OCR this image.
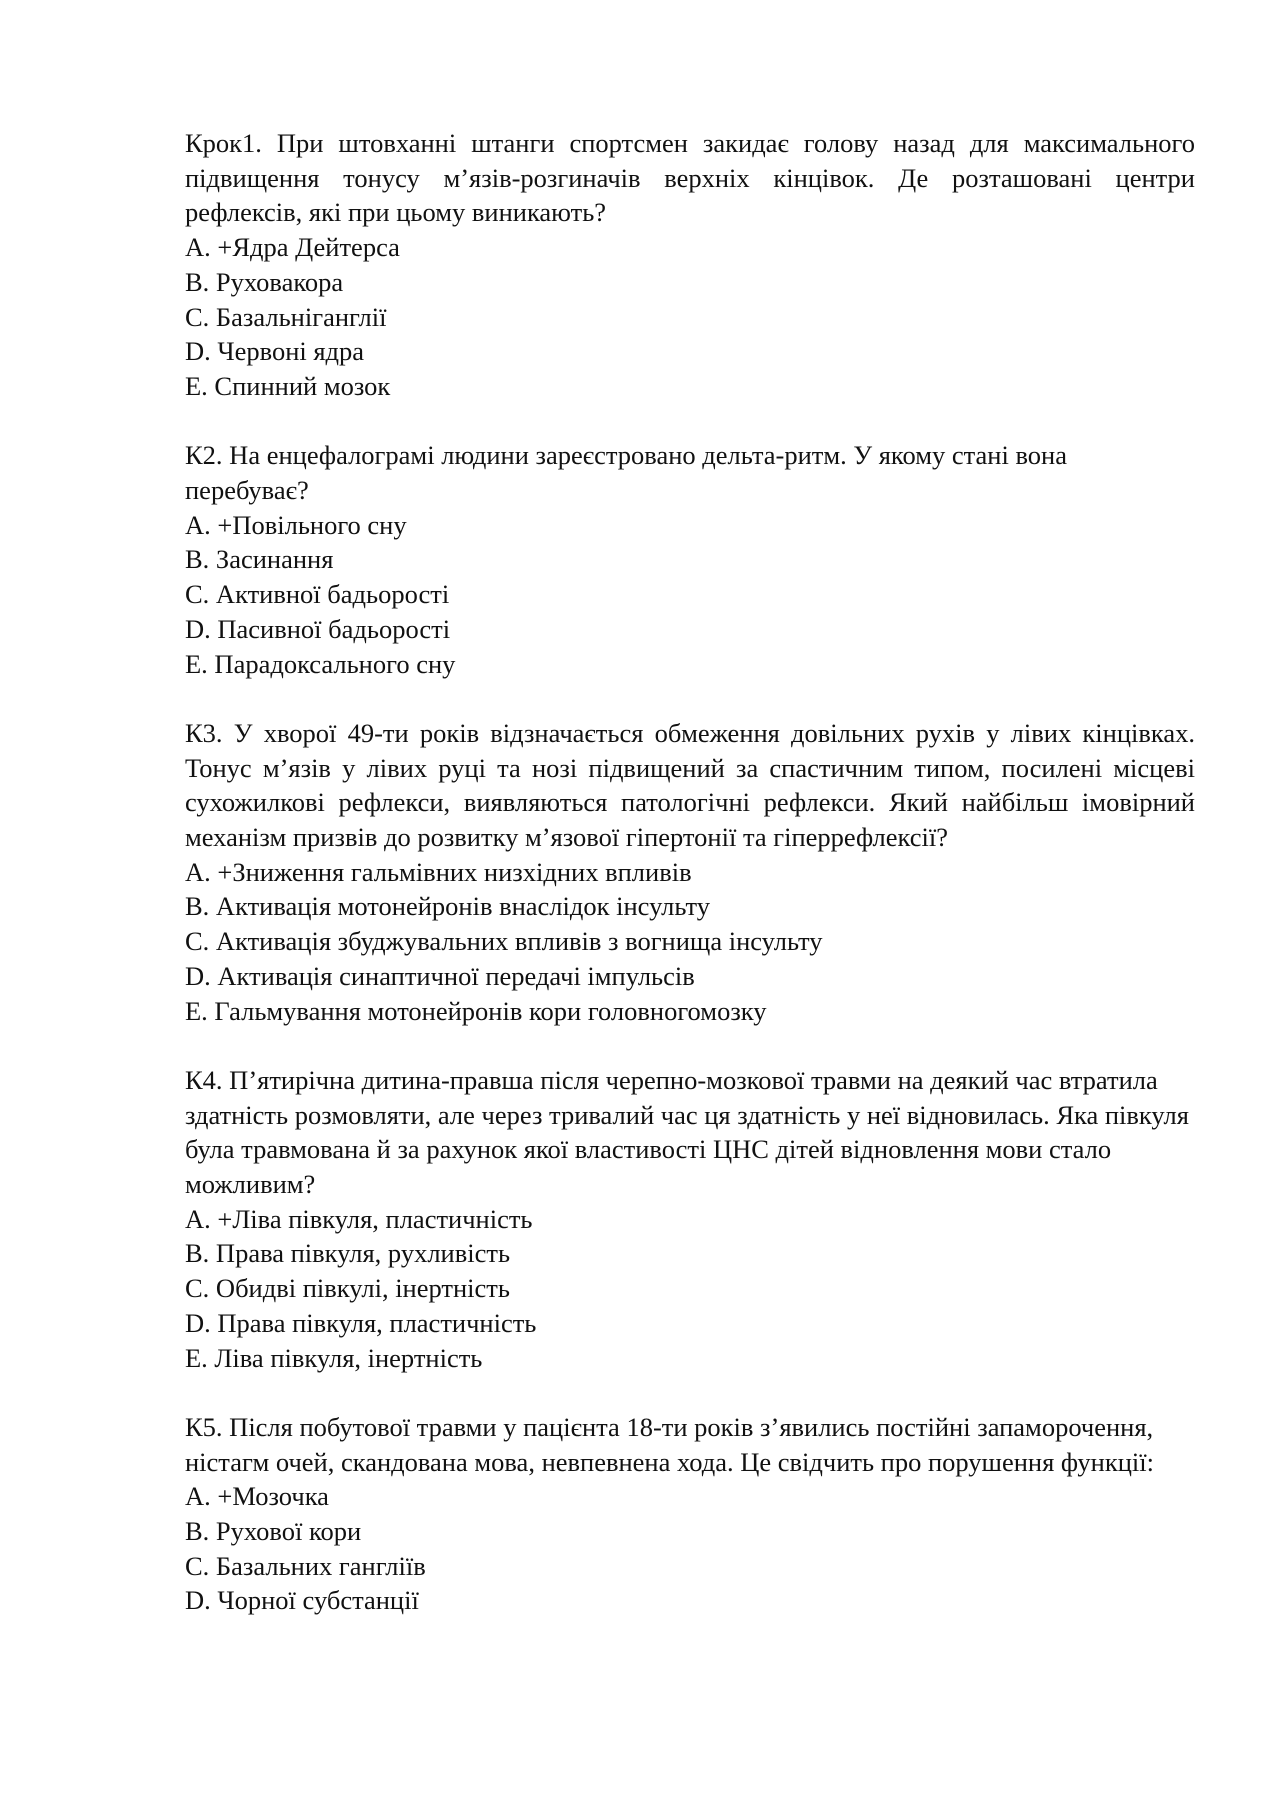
Крок1. При штовханні штанги спортсмен закидає голову назад для максимального підвищення тонусу м’язів-розгиначів верхніх кінцівок. Де розташовані центри рефлексів, які при цьому виникають?

A. +Ядра Дейтерса
B. Руховакора
C. Базальніганглії
D. Червоні ядра
E. Спинний мозок

К2. На енцефалограмі людини зареєстровано дельта-ритм. У якому стані вона перебуває?

A. +Повільного сну
B. Засинання
C. Активної бадьорості
D. Пасивної бадьорості
E. Парадоксального сну

К3. У хворої 49-ти років відзначається обмеження довільних рухів у лівих кінцівках. Тонус м’язів у лівих руці та нозі підвищений за спастичним типом, посилені місцеві сухожилкові рефлекси, виявляються патологічні рефлекси. Який найбільш імовірний механізм призвів до розвитку м’язової гіпертонії та гіперрефлексії?

A. +Зниження гальмівних низхідних впливів
B. Активація мотонейронів внаслідок інсульту
C. Активація збуджувальних впливів з вогнища інсульту
D. Активація синаптичної передачі імпульсів
E. Гальмування мотонейронів кори головногомозку

К4. П’ятирічна дитина-правша після черепно-мозкової травми на деякий час втратила здатність розмовляти, але через тривалий час ця здатність у неї відновилась. Яка півкуля була травмована й за рахунок якої властивості ЦНС дітей відновлення мови стало можливим?

A. +Ліва півкуля, пластичність
B. Права півкуля, рухливість
C. Обидві півкулі, інертність
D. Права півкуля, пластичність
E. Ліва півкуля, інертність

К5. Після побутової травми у пацієнта 18-ти років з’явились постійні запаморочення, ністагм очей, скандована мова, невпевнена хода. Це свідчить про порушення функції:

A. +Мозочка
B. Рухової кори
C. Базальних гангліїв
D. Чорної субстанції
